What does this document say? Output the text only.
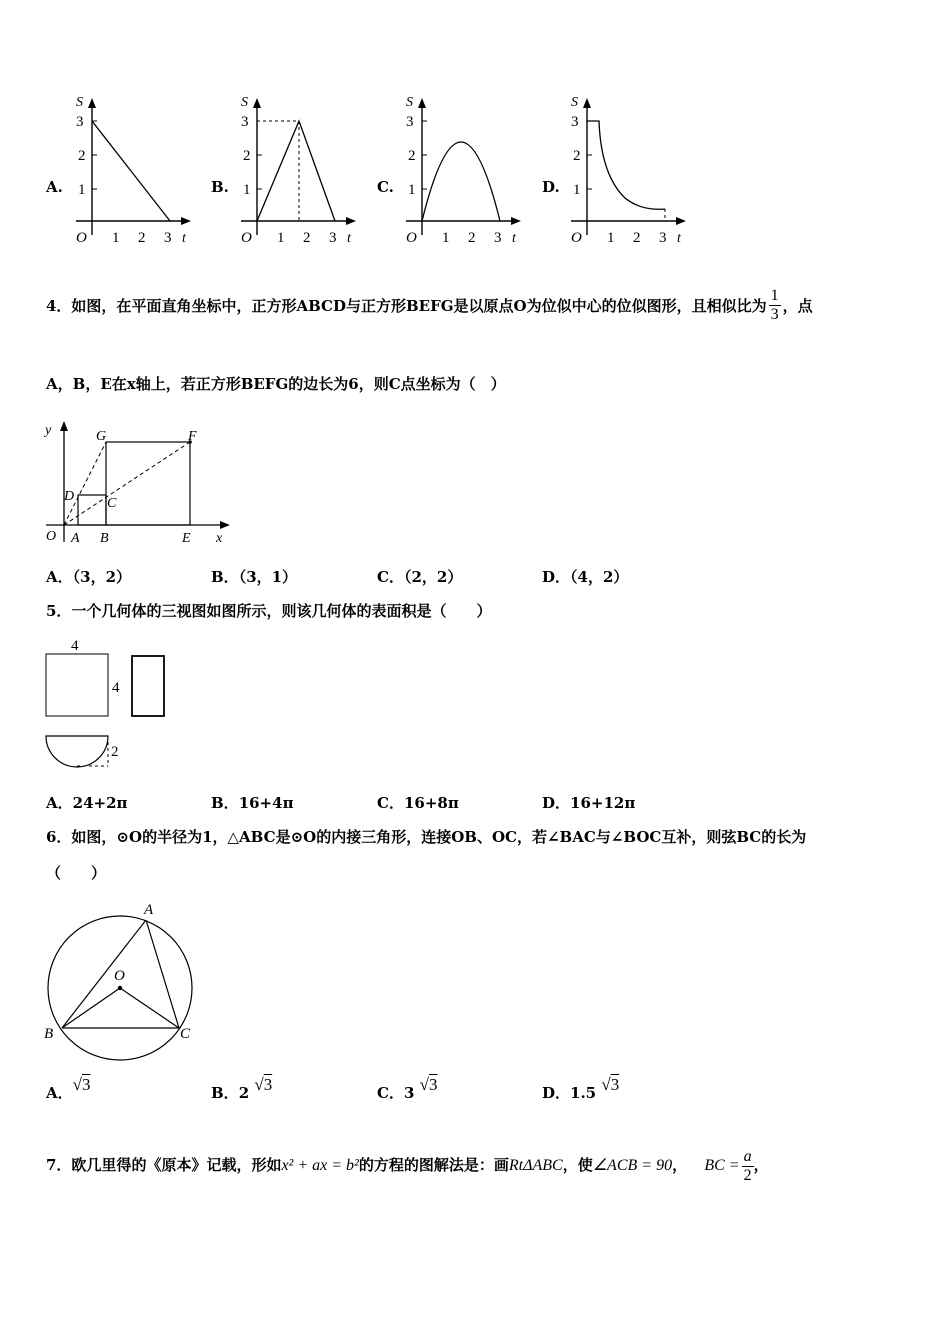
A.
S
3
2
1
O 1 2 3 t
B.
S
3
2
1
O 1 2 3 t
C.
S
3
2
1
O 1 2 3 t
D.
S
3
2
1
O 1 2 3 t
4．如图，在平面直角坐标中，正方形ABCD与正方形BEFG是以原点O为位似中心的位似图形，且相似比为 $\frac{1}{3}$ ，点
A，B，E在x轴上，若正方形BEFG的边长为6，则C点坐标为（　）
y	G	F
D C
O A B	E x
A．（3，2）	B．（3，1）	C．（2，2）	D．（4，2）
5．一个几何体的三视图如图所示，则该几何体的表面积是（　　）
4
4
2
A．24+2π	B．16+4π	C．16+8π	D．16+12π
6．如图，⊙O的半径为1，△ABC是⊙O的内接三角形，连接OB、OC，若∠BAC与∠BOC互补，则弦BC的长为
（　　）
A
O
B	C
A．√3	B．2 √3	C．3 √3	D．1.5 √3
7．欧几里得的《原本》记载，形如x² + ax = b²的方程的图解法是：画RtΔABC，使∠ACB = 90， BC = $\frac{a}{2}$ ，
